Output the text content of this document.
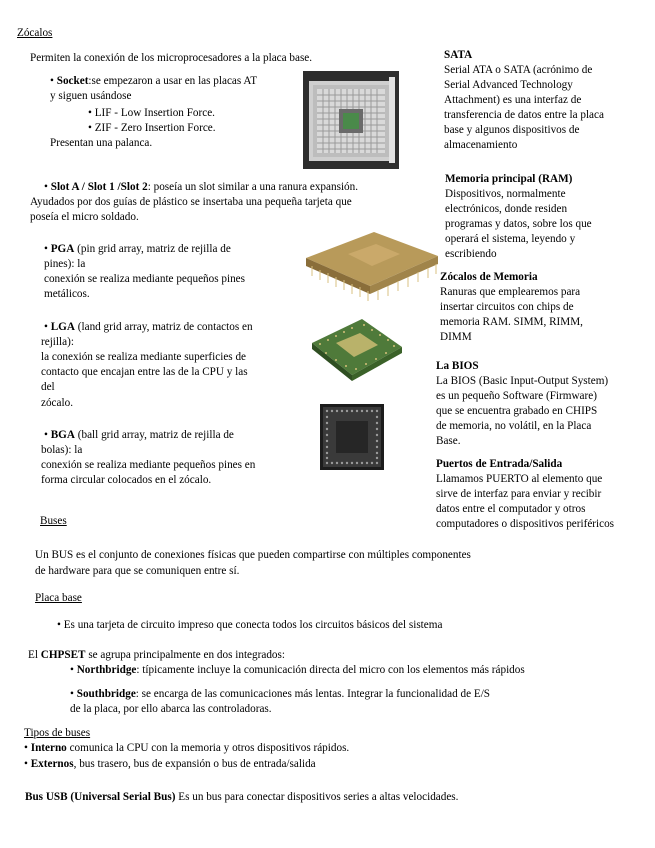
Zócalos
Permiten la conexión de los microprocesadores a la placa base.
• Socket:se empezaron a usar en las placas AT
y siguen usándose
• LIF - Low Insertion Force.
• ZIF - Zero Insertion Force.
Presentan una palanca.
• Slot A / Slot 1 /Slot 2: poseía un slot similar a una ranura expansión.
Ayudados por dos guías de plástico se insertaba una pequeña tarjeta que
poseía el micro soldado.
• PGA (pin grid array, matriz de rejilla de
pines): la
conexión se realiza mediante pequeños pines
metálicos.
• LGA (land grid array, matriz de contactos en
rejilla):
la conexión se realiza mediante superficies de
contacto que encajan entre las de la CPU y las
del
zócalo.
• BGA (ball grid array, matriz de rejilla de
bolas): la
conexión se realiza mediante pequeños pines en
forma circular colocados en el zócalo.
SATA
Serial ATA o SATA (acrónimo de
Serial Advanced Technology
Attachment) es una interfaz de
transferencia de datos entre la placa
base y algunos dispositivos de
almacenamiento
Memoria principal (RAM)
Dispositivos, normalmente
electrónicos, donde residen
programas y datos, sobre los que
operará el sistema, leyendo y
escribiendo
Zócalos de Memoria
Ranuras que emplearemos para
insertar circuitos con chips de
memoria RAM. SIMM, RIMM,
DIMM
La BIOS
La BIOS (Basic Input-Output System)
es un pequeño Software (Firmware)
que se encuentra grabado en CHIPS
de memoria, no volátil, en la Placa
Base.
Puertos de Entrada/Salida
Llamamos PUERTO al elemento que
sirve de interfaz para enviar y recibir
datos entre el computador y otros
computadores o dispositivos periféricos
Buses
Un BUS es el conjunto de conexiones físicas que pueden compartirse con múltiples componentes
de hardware para que se comuniquen entre sí.
Placa base
• Es una tarjeta de circuito impreso que conecta todos los circuitos básicos del sistema
El CHPSET se agrupa principalmente en dos integrados:
• Northbridge: típicamente incluye la comunicación directa del micro con los elementos más rápidos
• Southbridge: se encarga de las comunicaciones más lentas. Integrar la funcionalidad de E/S
de la placa, por ello abarca las controladoras.
Tipos de buses
• Interno comunica la CPU con la memoria y otros dispositivos rápidos.
• Externos, bus trasero, bus de expansión o bus de entrada/salida
Bus USB (Universal Serial Bus) Es un bus para conectar dispositivos series a altas velocidades.
